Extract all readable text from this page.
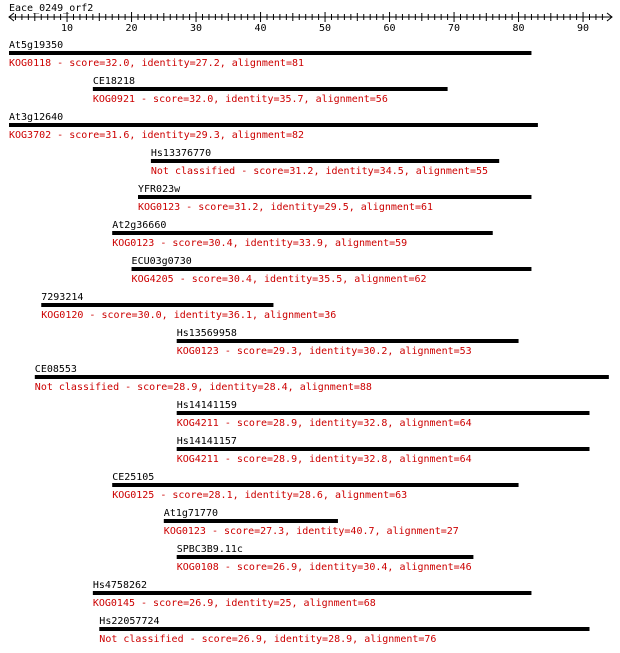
Eace_0249_orf2
10	20	30	40	50	60	70	80	90
At5g19350
KOG0118 - score=32.0, identity=27.2, alignment=81
CE18218
KOG0921 - score=32.0, identity=35.7, alignment=56
At3g12640
KOG3702 - score=31.6, identity=29.3, alignment=82
Hs13376770
Not classified - score=31.2, identity=34.5, alignment=55
YFR023w
KOG0123 - score=31.2, identity=29.5, alignment=61
At2g36660
KOG0123 - score=30.4, identity=33.9, alignment=59
ECU03g0730
KOG4205 - score=30.4, identity=35.5, alignment=62
7293214
KOG0120 - score=30.0, identity=36.1, alignment=36
Hs13569958
KOG0123 - score=29.3, identity=30.2, alignment=53
CE08553
Not classified - score=28.9, identity=28.4, alignment=88
Hs14141159
KOG4211 - score=28.9, identity=32.8, alignment=64
Hs14141157
KOG4211 - score=28.9, identity=32.8, alignment=64
CE25105
KOG0125 - score=28.1, identity=28.6, alignment=63
At1g71770
KOG0123 - score=27.3, identity=40.7, alignment=27
SPBC3B9.11c
KOG0108 - score=26.9, identity=30.4, alignment=46
Hs4758262
KOG0145 - score=26.9, identity=25, alignment=68
Hs22057724
Not classified - score=26.9, identity=28.9, alignment=76
